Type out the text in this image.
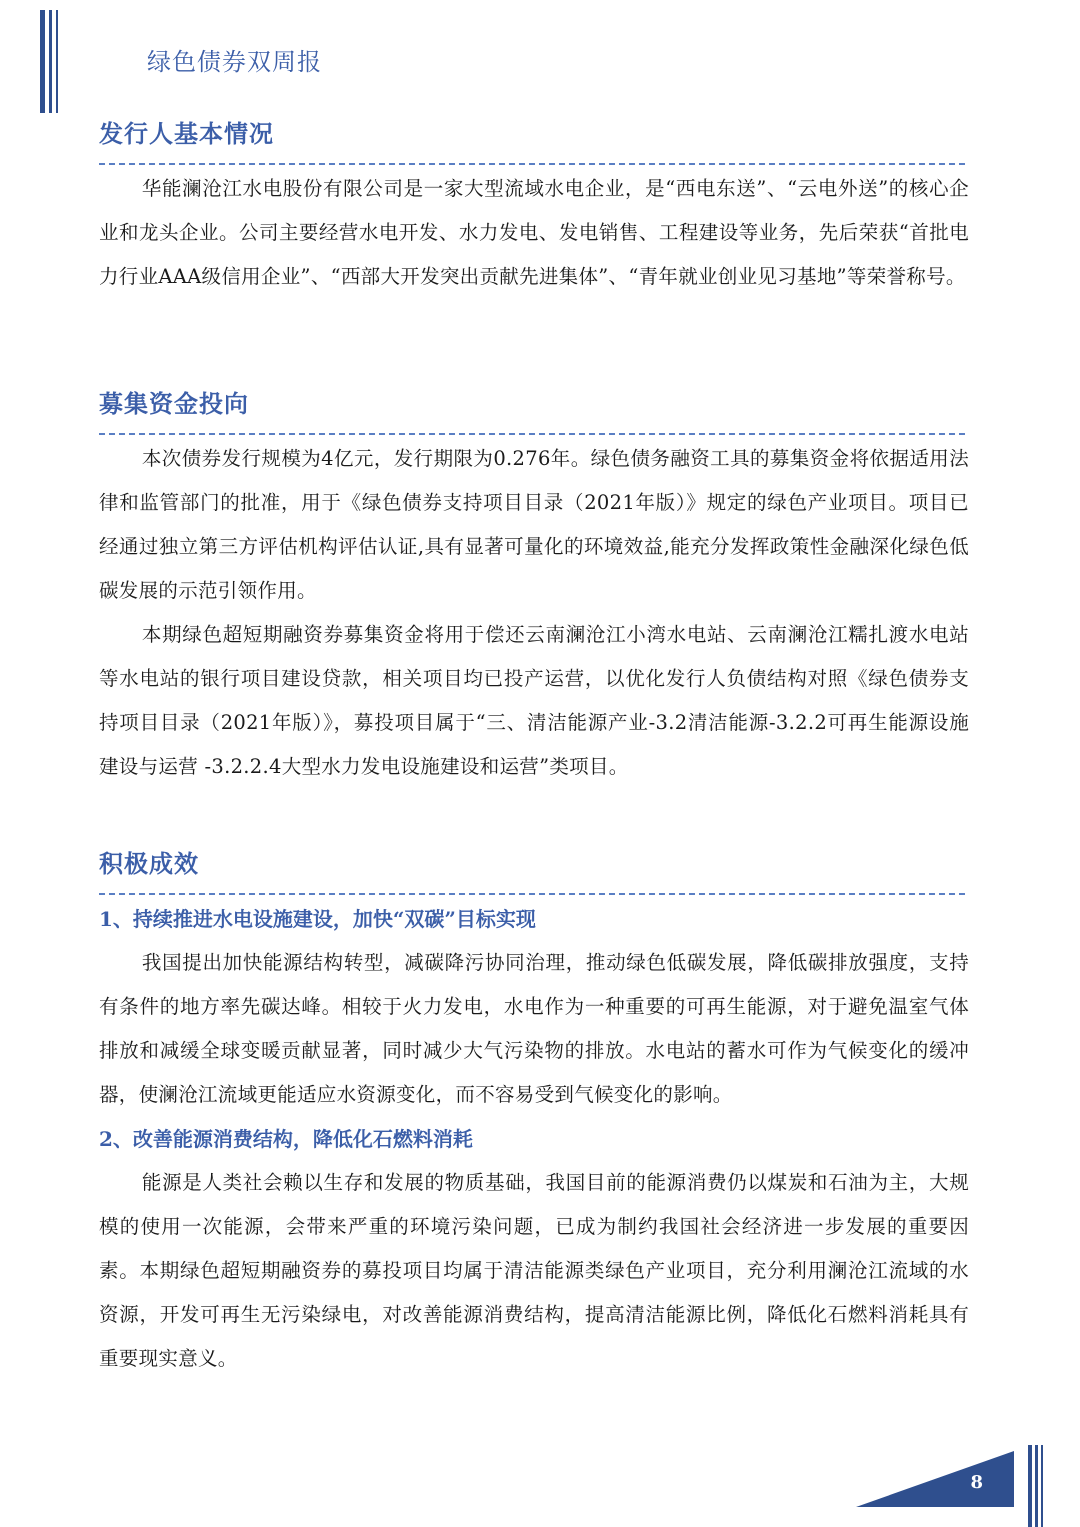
绿色债券双周报
发行人基本情况

华能澜沧江水电股份有限公司是一家大型流域水电企业，是“西电东送”、“云电外送”的核心企业和龙头企业。公司主要经营水电开发、水力发电、发电销售、工程建设等业务，先后荣获“首批电力行业AAA级信用企业”、“西部大开发突出贡献先进集体”、“青年就业创业见习基地”等荣誉称号。

募集资金投向

本次债券发行规模为4亿元，发行期限为0.276年。绿色债务融资工具的募集资金将依据适用法律和监管部门的批准，用于《绿色债券支持项目目录（2021年版）》规定的绿色产业项目。项目已经通过独立第三方评估机构评估认证,具有显著可量化的环境效益,能充分发挥政策性金融深化绿色低碳发展的示范引领作用。

本期绿色超短期融资券募集资金将用于偿还云南澜沧江小湾水电站、云南澜沧江糯扎渡水电站等水电站的银行项目建设贷款，相关项目均已投产运营，以优化发行人负债结构对照《绿色债券支持项目目录（2021年版）》，募投项目属于“三、清洁能源产业-3.2清洁能源-3.2.2可再生能源设施建设与运营 -3.2.2.4大型水力发电设施建设和运营”类项目。

积极成效

1、持续推进水电设施建设，加快“双碳”目标实现

我国提出加快能源结构转型，减碳降污协同治理，推动绿色低碳发展，降低碳排放强度，支持有条件的地方率先碳达峰。相较于火力发电，水电作为一种重要的可再生能源，对于避免温室气体排放和减缓全球变暖贡献显著，同时减少大气污染物的排放。水电站的蓄水可作为气候变化的缓冲器，使澜沧江流域更能适应水资源变化，而不容易受到气候变化的影响。

2、改善能源消费结构，降低化石燃料消耗

能源是人类社会赖以生存和发展的物质基础，我国目前的能源消费仍以煤炭和石油为主，大规模的使用一次能源，会带来严重的环境污染问题，已成为制约我国社会经济进一步发展的重要因素。本期绿色超短期融资券的募投项目均属于清洁能源类绿色产业项目，充分利用澜沧江流域的水资源，开发可再生无污染绿电，对改善能源消费结构，提高清洁能源比例，降低化石燃料消耗具有重要现实意义。

8
